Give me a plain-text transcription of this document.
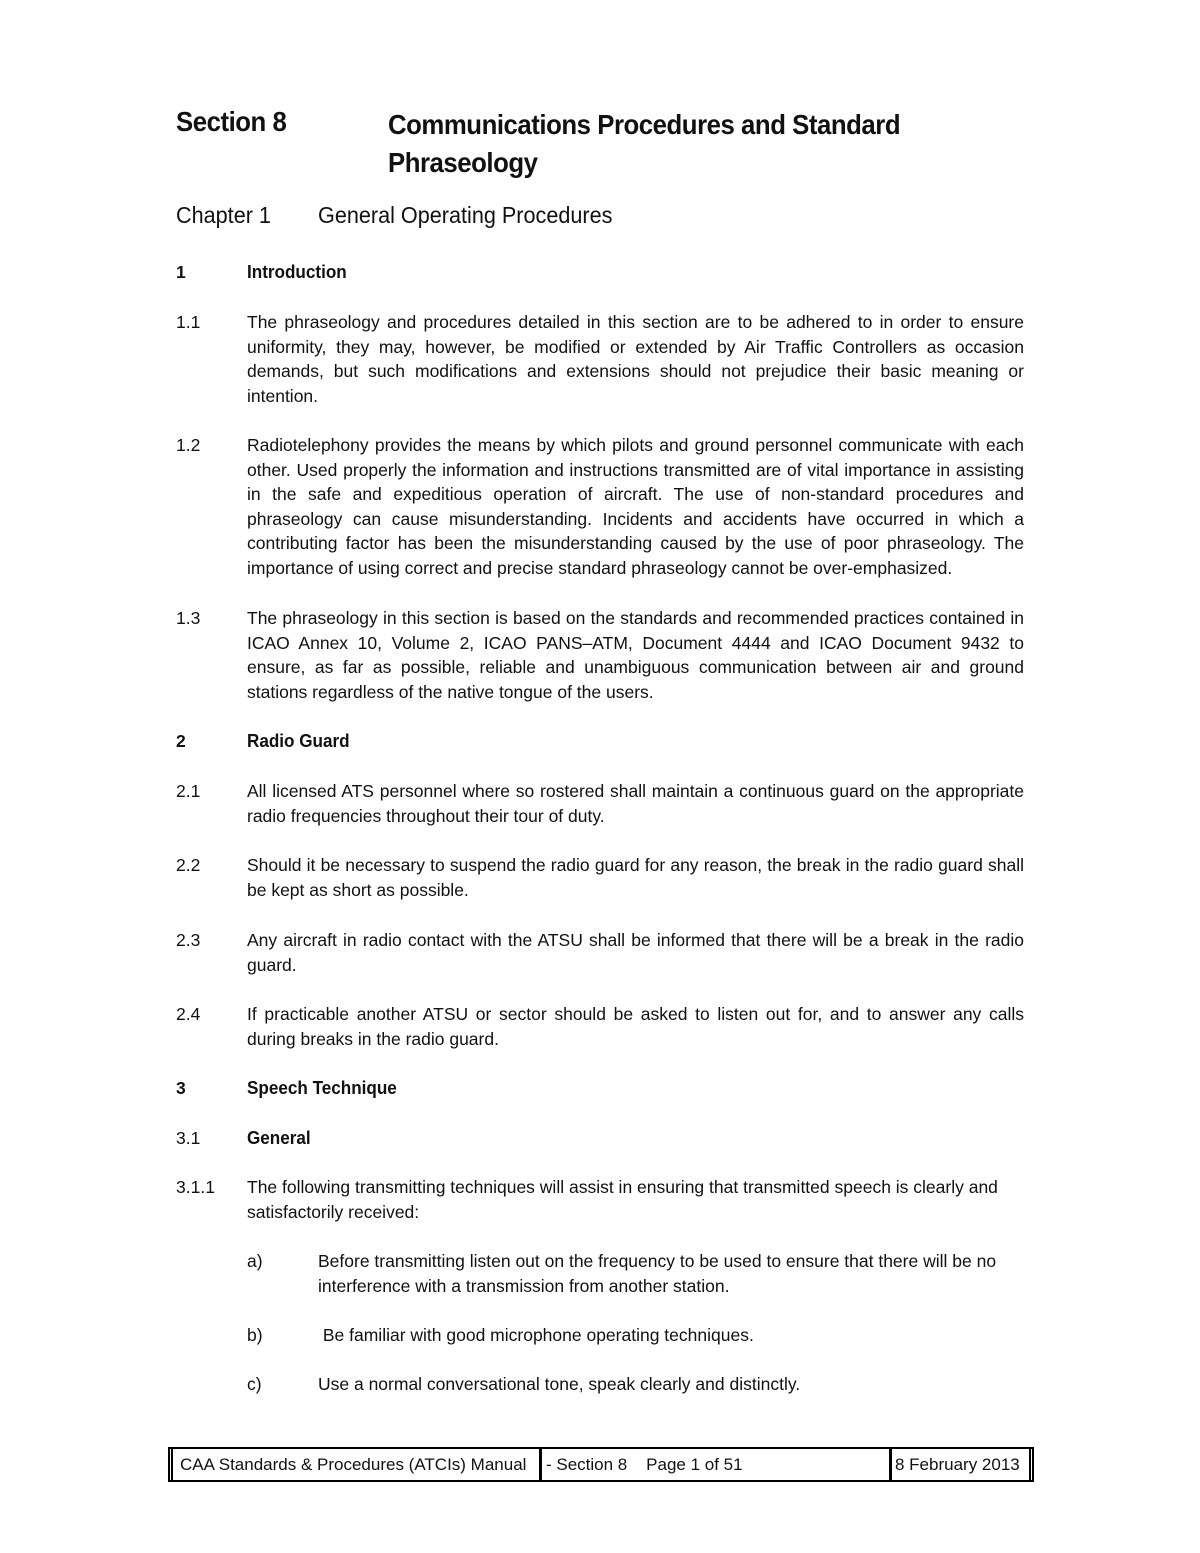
Section 8	Communications Procedures and Standard Phraseology
Chapter 1 General Operating Procedures
1	Introduction
1.1	The phraseology and procedures detailed in this section are to be adhered to in order to ensure uniformity, they may, however, be modified or extended by Air Traffic Controllers as occasion demands, but such modifications and extensions should not prejudice their basic meaning or intention.
1.2	Radiotelephony provides the means by which pilots and ground personnel communicate with each other. Used properly the information and instructions transmitted are of vital importance in assisting in the safe and expeditious operation of aircraft. The use of non-standard procedures and phraseology can cause misunderstanding. Incidents and accidents have occurred in which a contributing factor has been the misunderstanding caused by the use of poor phraseology. The importance of using correct and precise standard phraseology cannot be over-emphasized.
1.3	The phraseology in this section is based on the standards and recommended practices contained in ICAO Annex 10, Volume 2, ICAO PANS–ATM, Document 4444 and ICAO Document 9432 to ensure, as far as possible, reliable and unambiguous communication between air and ground stations regardless of the native tongue of the users.
2	Radio Guard
2.1	All licensed ATS personnel where so rostered shall maintain a continuous guard on the appropriate radio frequencies throughout their tour of duty.
2.2	Should it be necessary to suspend the radio guard for any reason, the break in the radio guard shall be kept as short as possible.
2.3	Any aircraft in radio contact with the ATSU shall be informed that there will be a break in the radio guard.
2.4	If practicable another ATSU or sector should be asked to listen out for, and to answer any calls during breaks in the radio guard.
3	Speech Technique
3.1	General
3.1.1 The following transmitting techniques will assist in ensuring that transmitted speech is clearly and satisfactorily received:
a)	Before transmitting listen out on the frequency to be used to ensure that there will be no interference with a transmission from another station.
b)	Be familiar with good microphone operating techniques.
c)	Use a normal conversational tone, speak clearly and distinctly.
CAA Standards & Procedures (ATCIs) Manual	- Section 8    Page 1 of 51	8 February 2013
